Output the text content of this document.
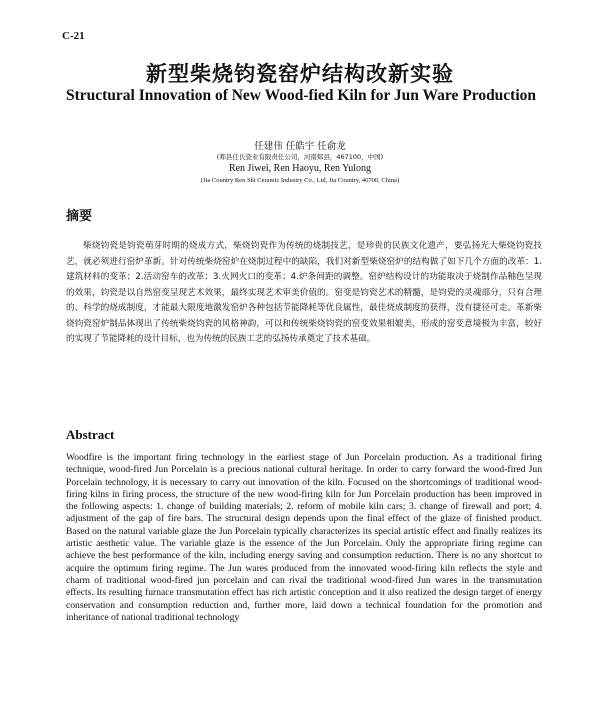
C-21
新型柴烧钧瓷窑炉结构改新实验
Structural Innovation of New Wood-fied Kiln for Jun Ware Production
任建伟 任皓宇 任俞龙
(郏县任氏瓷业有限责任公司，河南郏县，467100，中国)
Ren Jiwei, Ren Haoyu, Ren Yulong
(Jia Country Ren Shi Ceramic Industry Co., Ltd, Jia Country, 46700, China)
摘要

柴烧钧瓷是钧瓷萌芽时期的烧成方式，柴烧钧瓷作为传统的烧制技艺，是珍贵的民族文化遗产，要弘扬光大柴烧钧瓷技艺，就必须进行窑炉革新。针对传统柴烧窑炉在烧制过程中的缺陷，我们对新型柴烧窑炉的结构做了如下几个方面的改革：1.建筑材料的变革；2.活动窑车的改革；3.火网火口的变革；4.炉条间距的调整。窑炉结构设计的功能取决于烧制作品釉色呈现的效果，钧瓷是以自然窑变呈现艺术效果，最终实现艺术审美价值的。窑变是钧瓷艺术的精髓，是钧瓷的灵魂部分，只有合理的、科学的烧成制度，才能最大限度地激发窑炉各种包括节能降耗等优良属性，最佳烧成制度的获得，没有捷径可走。革新柴烧钧瓷窑炉制品体现出了传统柴烧钧瓷的风格神韵，可以和传统柴烧钧瓷的窑变效果相媲美，形成的窑变意境极为丰富，较好的实现了节能降耗的设计目标，也为传统的民族工艺的弘扬传承奠定了技术基础。

Abstract

Woodfire is the important firing technology in the earliest stage of Jun Porcelain production. As a traditional firing technique, wood-fired Jun Porcelain is a precious national cultural heritage. In order to carry forward the wood-fired Jun Porcelain technology, it is necessary to carry out innovation of the kiln. Focused on the shortcomings of traditional wood-firing kilns in firing process, the structure of the new wood-firing kiln for Jun Porcelain production has been improved in the following aspects: 1. change of building materials; 2. reform of mobile kiln cars; 3. change of firewall and port; 4. adjustment of the gap of fire bars. The structural design depends upon the final effect of the glaze of finished product. Based on the natural variable glaze the Jun Porcelain typically characterizes its special artistic effect and finally realizes its artistic aesthetic value. The variable glaze is the essence of the Jun Porcelain. Only the appropriate firing regime can achieve the best performance of the kiln, including energy saving and consumption reduction. There is no any shortcut to acquire the optimum firing regime. The Jun wares produced from the innovated wood-firing kiln reflects the style and charm of traditional wood-fired jun porcelain and can rival the traditional wood-fired Jun wares in the transmutation effects. Its resulting furnace transmutation effect has rich artistic conception and it also realized the design target of energy conservation and consumption reduction and, further more, laid down a technical foundation for the promotion and inheritance of national traditional technology
